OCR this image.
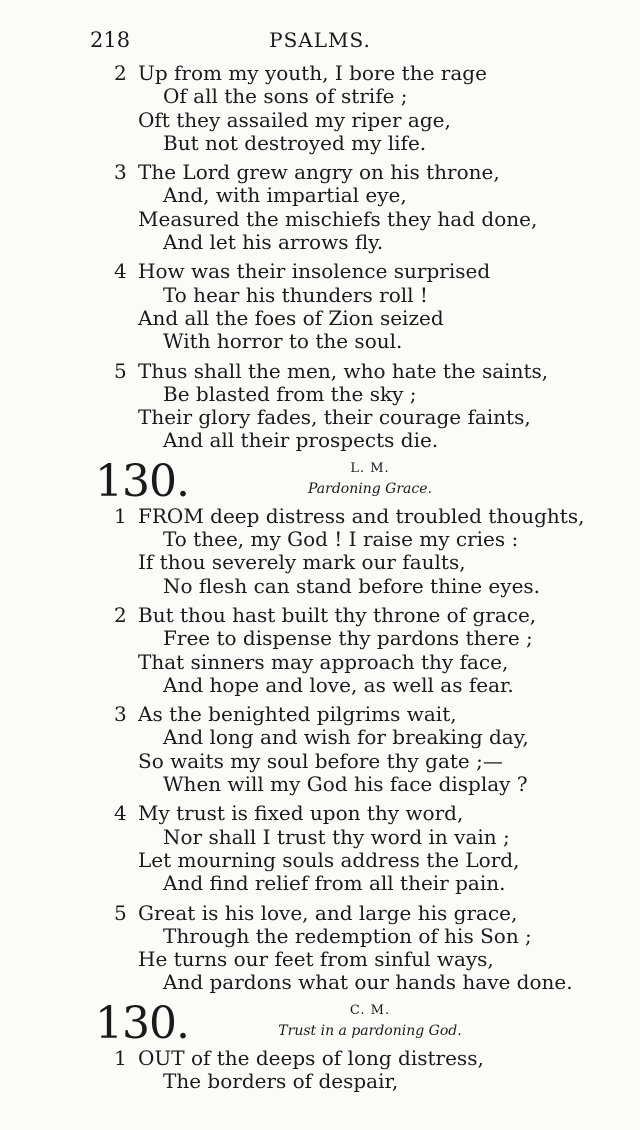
218	PSALMS.
2 Up from my youth, I bore the rage
Of all the sons of strife ;
Oft they assailed my riper age,
But not destroyed my life.
3 The Lord grew angry on his throne,
And, with impartial eye,
Measured the mischiefs they had done,
And let his arrows fly.
4 How was their insolence surprised
To hear his thunders roll !
And all the foes of Zion seized
With horror to the soul.
5 Thus shall the men, who hate the saints,
Be blasted from the sky ;
Their glory fades, their courage faints,
And all their prospects die.
130.	L. M.
Pardoning Grace.
1 FROM deep distress and troubled thoughts,
To thee, my God ! I raise my cries :
If thou severely mark our faults,
No flesh can stand before thine eyes.
2 But thou hast built thy throne of grace,
Free to dispense thy pardons there ;
That sinners may approach thy face,
And hope and love, as well as fear.
3 As the benighted pilgrims wait,
And long and wish for breaking day,
So waits my soul before thy gate ;—
When will my God his face display ?
4 My trust is fixed upon thy word,
Nor shall I trust thy word in vain ;
Let mourning souls address the Lord,
And find relief from all their pain.
5 Great is his love, and large his grace,
Through the redemption of his Son ;
He turns our feet from sinful ways,
And pardons what our hands have done.
130.	C. M.
Trust in a pardoning God.
1 OUT of the deeps of long distress,
The borders of despair,
